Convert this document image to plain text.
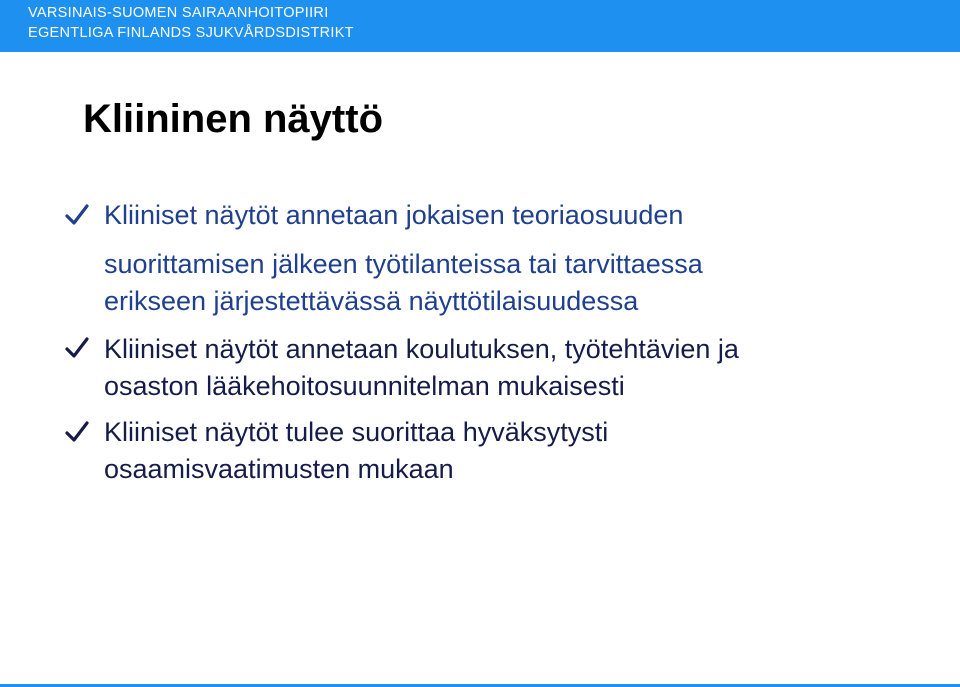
VARSINAIS-SUOMEN SAIRAANHOITOPIIRI
EGENTLIGA FINLANDS SJUKVÅRDSDISTRIKT
Kliininen näyttö
Kliiniset näytöt annetaan jokaisen teoriaosuuden
suorittamisen jälkeen työtilanteissa tai tarvittaessa
erikseen järjestettävässä näyttötilaisuudessa
Kliiniset näytöt annetaan koulutuksen, työtehtävien ja
osaston lääkehoitosuunnitelman mukaisesti
Kliiniset näytöt tulee suorittaa hyväksytysti
osaamisvaatimusten mukaan
